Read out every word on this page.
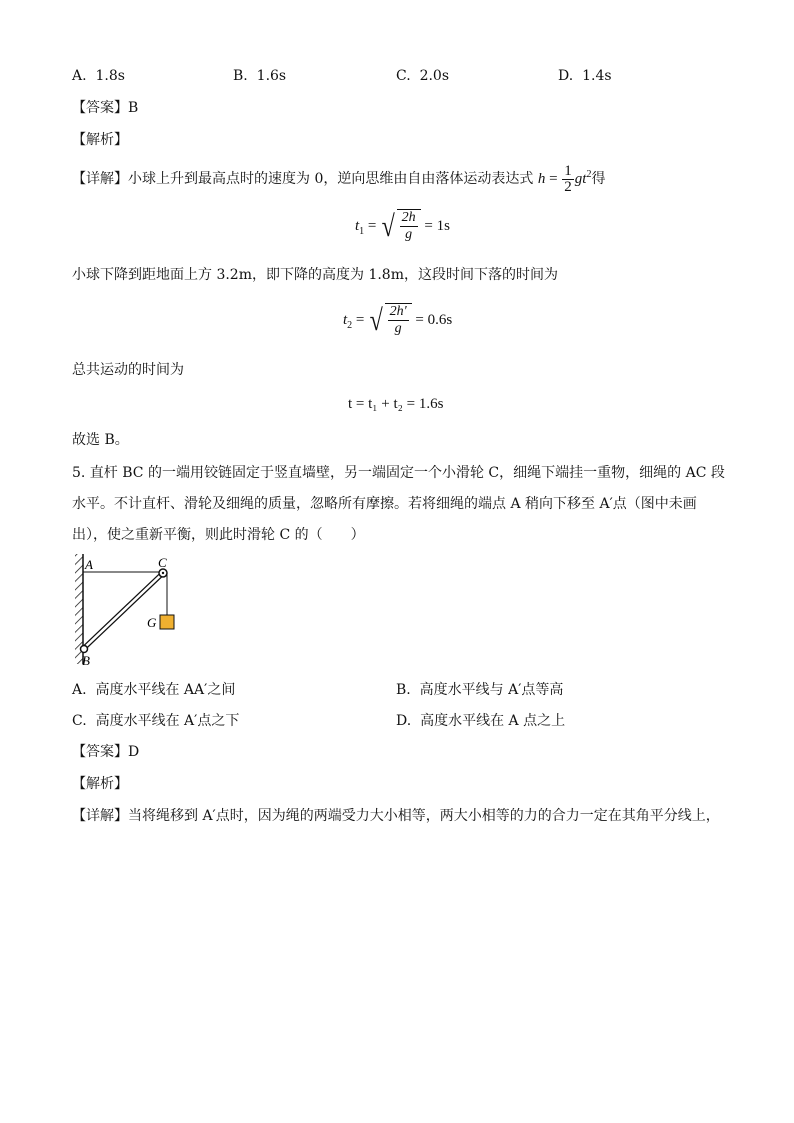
A. 1.8s	B. 1.6s	C. 2.0s	D. 1.4s
【答案】B
【解析】
【详解】小球上升到最高点时的速度为 0，逆向思维由自由落体运动表达式 $h = \frac{1}{2} gt^2$得
$t_1$ = √ 2h
g
= 1s
小球下降到距地面上方 3.2m，即下降的高度为 1.8m，这段时间下落的时间为
$t_2$ = √ 2h'
g
= 0.6s
总共运动的时间为
t = t₁ + t₂ = 1.6s
故选 B。
5. 直杆 BC 的一端用铰链固定于竖直墙壁，另一端固定一个小滑轮 C，细绳下端挂一重物，细绳的 AC 段
水平。不计直杆、滑轮及细绳的质量，忽略所有摩擦。若将细绳的端点 A 稍向下移至 A′点（图中未画
出），使之重新平衡，则此时滑轮 C 的（　　）
A	C
G
B
A. 高度水平线在 AA′之间	B. 高度水平线与 A′点等高
C. 高度水平线在 A′点之下	D. 高度水平线在 A 点之上
【答案】D
【解析】
【详解】当将绳移到 A′点时，因为绳的两端受力大小相等，两大小相等的力的合力一定在其角平分线上，
